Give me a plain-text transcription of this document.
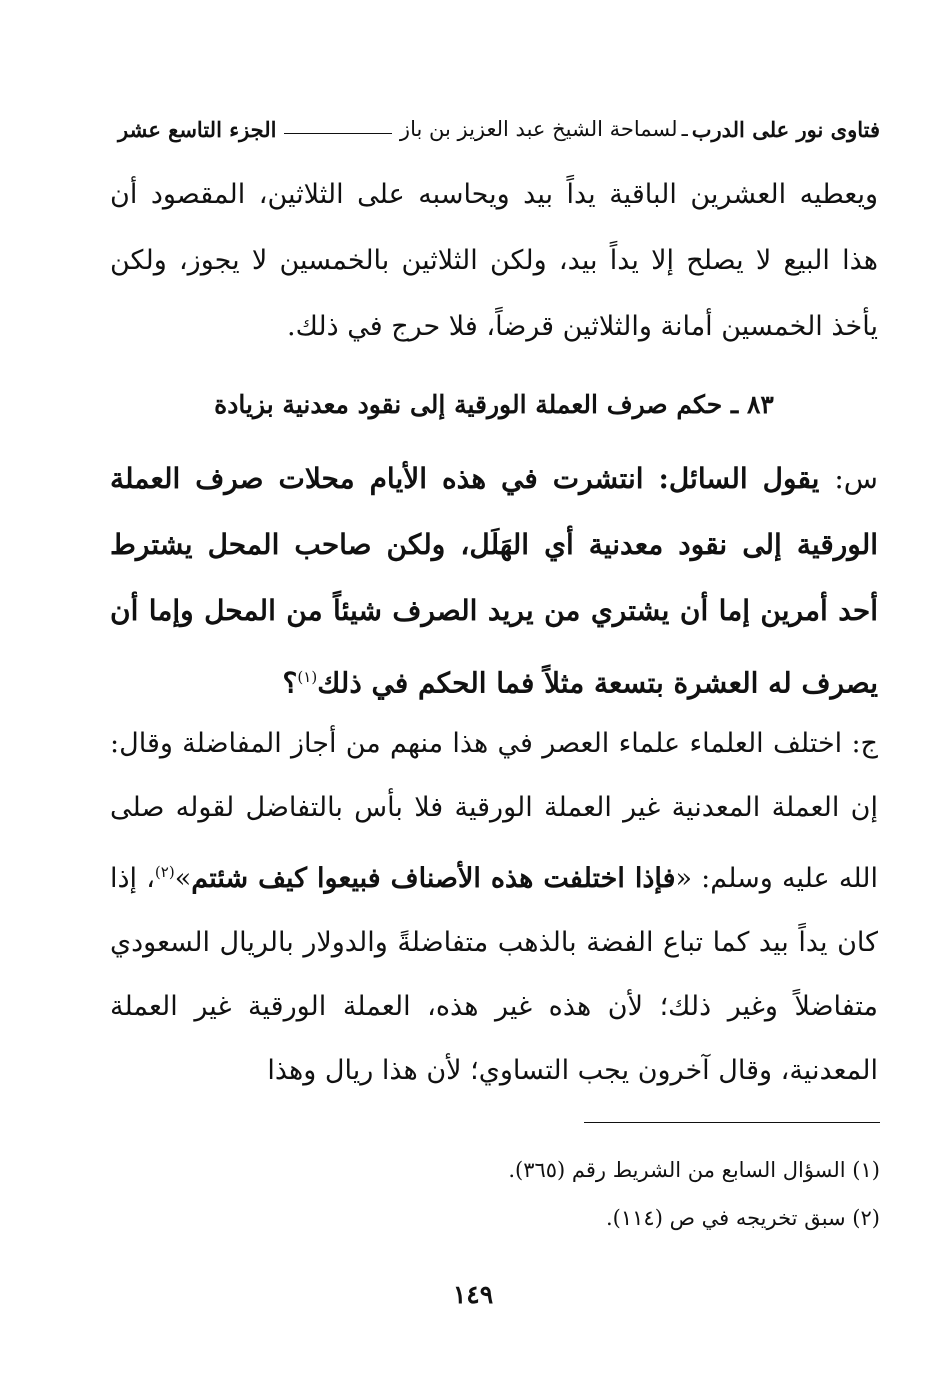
فتاوى نور على الدرب
ـ
لسماحة الشيخ عبد العزيز بن باز
الجزء التاسع عشر
ويعطيه العشرين الباقية يداً بيد ويحاسبه على الثلاثين، المقصود أن هذا البيع لا يصلح إلا يداً بيد، ولكن الثلاثين بالخمسين لا يجوز، ولكن يأخذ الخمسين أمانة والثلاثين قرضاً، فلا حرج في ذلك.
٨٣ ـ حكم صرف العملة الورقية إلى نقود معدنية بزيادة
س: يقول السائل: انتشرت في هذه الأيام محلات صرف العملة الورقية إلى نقود معدنية أي الهَلَل، ولكن صاحب المحل يشترط أحد أمرين إما أن يشتري من يريد الصرف شيئاً من المحل وإما أن يصرف له العشرة بتسعة مثلاً فما الحكم في ذلك$^{(١)}$؟
ج: اختلف العلماء علماء العصر في هذا منهم من أجاز المفاضلة وقال: إن العملة المعدنية غير العملة الورقية فلا بأس بالتفاضل لقوله صلى الله عليه وسلم: «فإذا اختلفت هذه الأصناف فبيعوا كيف شئتم»$^{(٢)}$، إذا كان يداً بيد كما تباع الفضة بالذهب متفاضلةً والدولار بالريال السعودي متفاضلاً وغير ذلك؛ لأن هذه غير هذه، العملة الورقية غير العملة المعدنية، وقال آخرون يجب التساوي؛ لأن هذا ريال وهذا
(١) السؤال السابع من الشريط رقم (٣٦٥).
(٢) سبق تخريجه في ص (١١٤).
١٤٩
